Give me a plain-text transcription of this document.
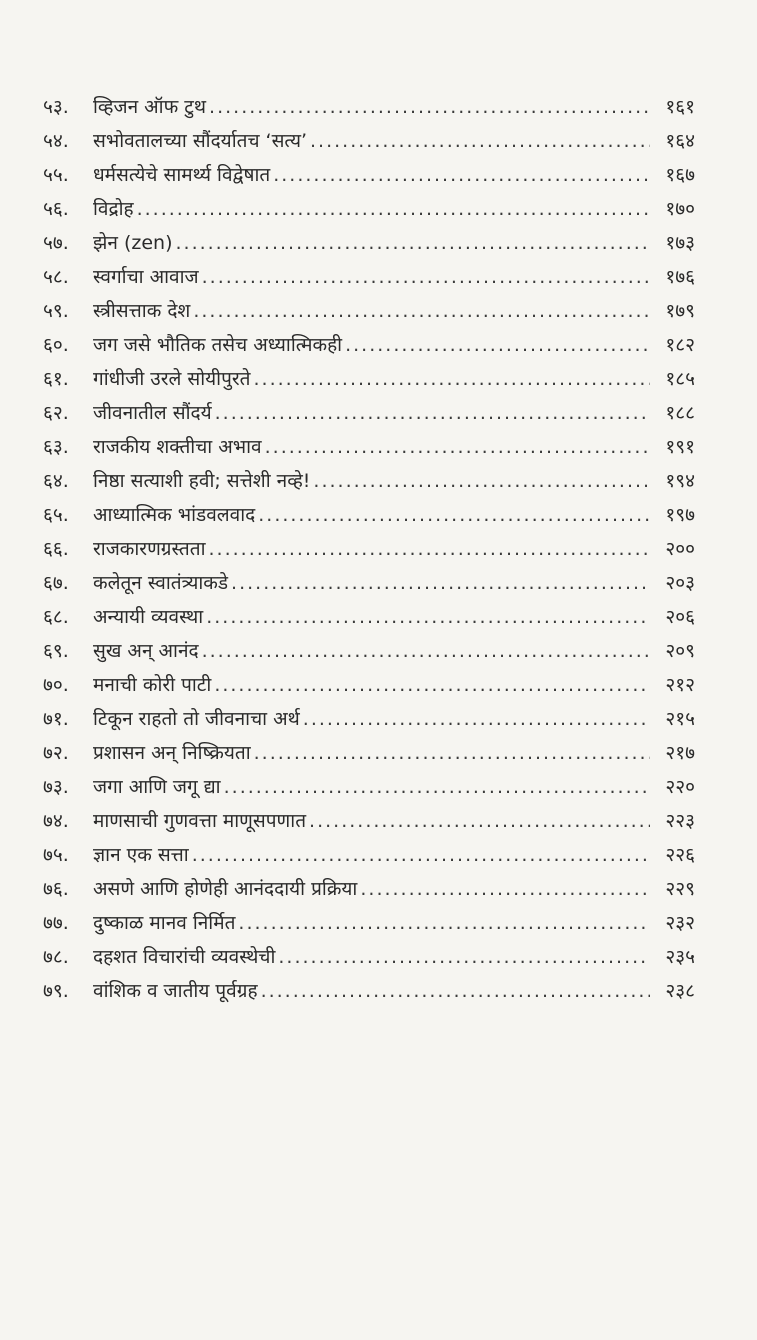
५३.	व्हिजन ऑफ टुथ .....	१६१
५४.	सभोवतालच्या सौंदर्यातच ‘सत्य’ .....	१६४
५५.	धर्मसत्येचे सामर्थ्य विद्वेषात .....	१६७
५६.	विद्रोह .....	१७०
५७.	झेन (zen) .....	१७३
५८.	स्वर्गाचा आवाज .....	१७६
५९.	स्त्रीसत्ताक देश .....	१७९
६०.	जग जसे भौतिक तसेच अध्यात्मिकही .....	१८२
६१.	गांधीजी उरले सोयीपुरते .....	१८५
६२.	जीवनातील सौंदर्य .....	१८८
६३.	राजकीय शक्तीचा अभाव .....	१९१
६४.	निष्ठा सत्याशी हवी; सत्तेशी नव्हे! .....	१९४
६५.	आध्यात्मिक भांडवलवाद .....	१९७
६६.	राजकारणग्रस्तता .....	२००
६७.	कलेतून स्वातंत्र्याकडे .....	२०३
६८.	अन्यायी व्यवस्था .....	२०६
६९.	सुख अन् आनंद .....	२०९
७०.	मनाची कोरी पाटी .....	२१२
७१.	टिकून राहतो तो जीवनाचा अर्थ .....	२१५
७२.	प्रशासन अन् निष्क्रियता .....	२१७
७३.	जगा आणि जगू द्या .....	२२०
७४.	माणसाची गुणवत्ता माणूसपणात .....	२२३
७५.	ज्ञान एक सत्ता .....	२२६
७६.	असणे आणि होणेही आनंददायी प्रक्रिया .....	२२९
७७.	दुष्काळ मानव निर्मित .....	२३२
७८.	दहशत विचारांची व्यवस्थेची .....	२३५
७९.	वांशिक व जातीय पूर्वग्रह .....	२३८
